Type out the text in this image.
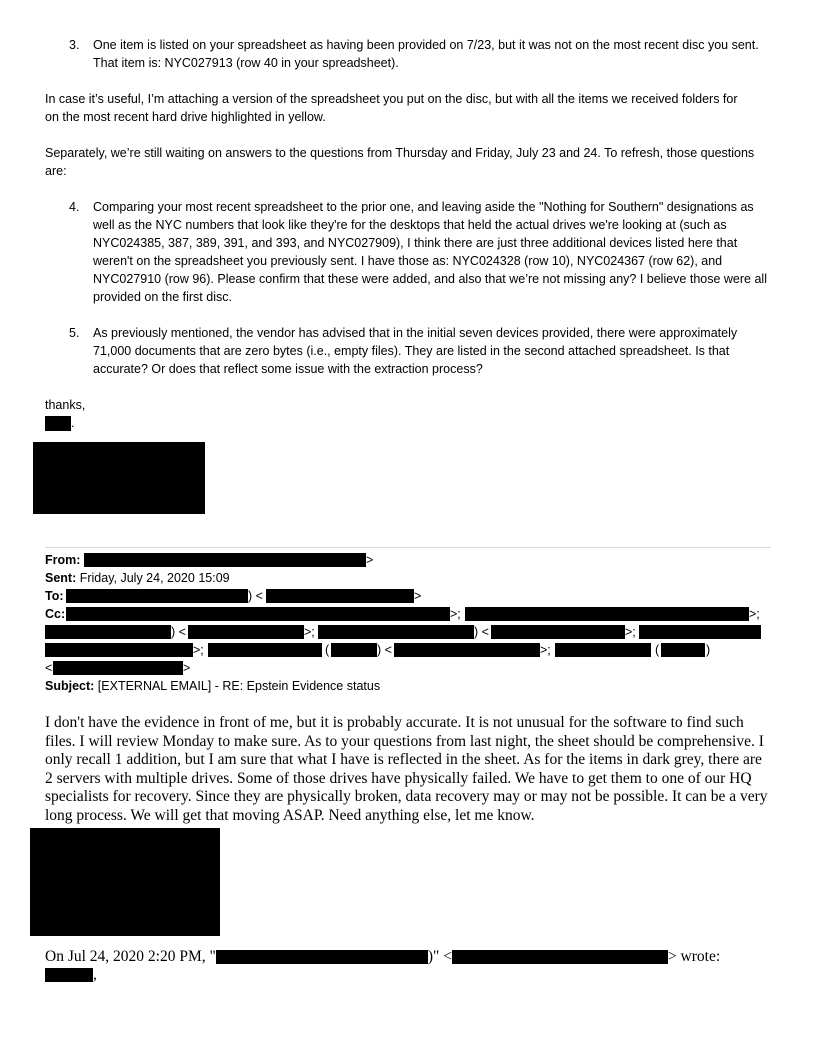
3. One item is listed on your spreadsheet as having been provided on 7/23, but it was not on the most recent disc you sent. That item is: NYC027913 (row 40 in your spreadsheet).
In case it’s useful, I’m attaching a version of the spreadsheet you put on the disc, but with all the items we received folders for on the most recent hard drive highlighted in yellow.
Separately, we’re still waiting on answers to the questions from Thursday and Friday, July 23 and 24. To refresh, those questions are:
4. Comparing your most recent spreadsheet to the prior one, and leaving aside the "Nothing for Southern" designations as well as the NYC numbers that look like they're for the desktops that held the actual drives we're looking at (such as NYC024385, 387, 389, 391, and 393, and NYC027909), I think there are just three additional devices listed here that weren't on the spreadsheet you previously sent. I have those as: NYC024328 (row 10), NYC024367 (row 62), and NYC027910 (row 96). Please confirm that these were added, and also that we’re not missing any? I believe those were all provided on the first disc.
5. As previously mentioned, the vendor has advised that in the initial seven devices provided, there were approximately 71,000 documents that are zero bytes (i.e., empty files). They are listed in the second attached spreadsheet. Is that accurate? Or does that reflect some issue with the extraction process?
thanks,
.
From:	>
Sent: Friday, July 24, 2020 15:09
To:	) <	>
Cc:	>;	>;
) <	>;	) <	>;
>;	(	) <	>;	(	)
<	>
Subject: [EXTERNAL EMAIL] - RE: Epstein Evidence status
I don't have the evidence in front of me, but it is probably accurate. It is not unusual for the software to find such files. I will review Monday to make sure. As to your questions from last night, the sheet should be comprehensive. I only recall 1 addition, but I am sure that what I have is reflected in the sheet. As for the items in dark grey, there are 2 servers with multiple drives. Some of those drives have physically failed. We have to get them to one of our HQ specialists for recovery. Since they are physically broken, data recovery may or may not be possible. It can be a very long process. We will get that moving ASAP. Need anything else, let me know.
On Jul 24, 2020 2:20 PM, "	)" <	> wrote:
,
